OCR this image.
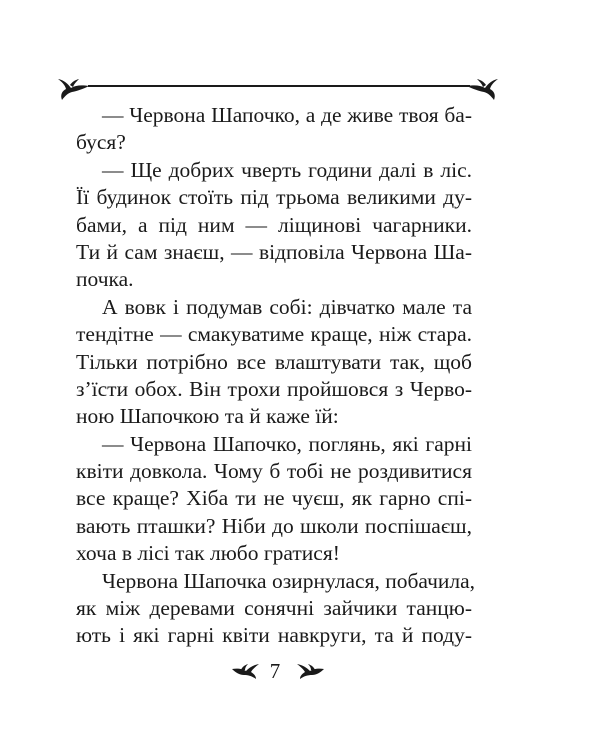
— Червона Шапочко, а де живе твоя ба-
буся?
— Ще добрих чверть години далі в ліс.
Її будинок стоїть під трьома великими ду-
бами, а під ним — ліщинові чагарники.
Ти й сам знаєш, — відповіла Червона Ша-
почка.
А вовк і подумав собі: дівчатко мале та
тендітне — смакуватиме краще, ніж стара.
Тільки потрібно все влаштувати так, щоб
з’їсти обох. Він трохи пройшовся з Черво-
ною Шапочкою та й каже їй:
— Червона Шапочко, поглянь, які гарні
квіти довкола. Чому б тобі не роздивитися
все краще? Хіба ти не чуєш, як гарно спі-
вають пташки? Ніби до школи поспішаєш,
хоча в лісі так любо гратися!
Червона Шапочка озирнулася, побачила,
як між деревами сонячні зайчики танцю-
ють і які гарні квіти навкруги, та й поду-
7
